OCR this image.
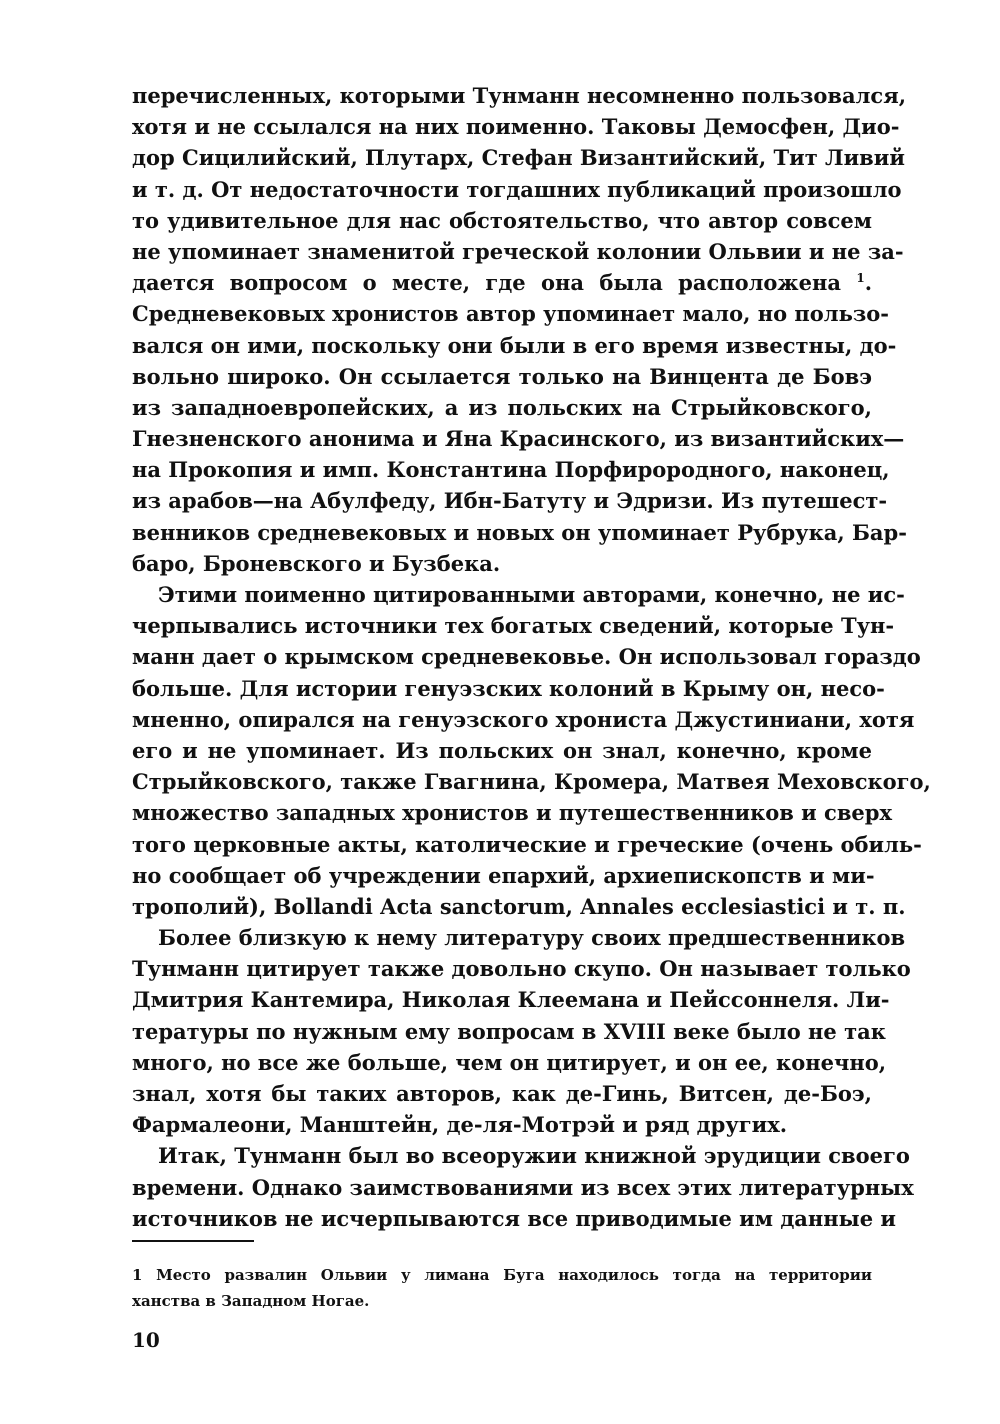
перечисленных, которыми Тунманн несомненно пользовался,
хотя и не ссылался на них поименно. Таковы Демосфен, Дио-
дор Сицилийский, Плутарх, Стефан Византийский, Тит Ливий
и т. д. От недостаточности тогдашних публикаций произошло
то удивительное для нас обстоятельство, что автор совсем
не упоминает знаменитой греческой колонии Ольвии и не за-
дается вопросом о месте, где она была расположена $^1$.
Средневековых хронистов автор упоминает мало, но пользо-
вался он ими, поскольку они были в его время известны, до-
вольно широко. Он ссылается только на Винцента де Бовэ
из западноевропейских, а из польских на Стрыйковского,
Гнезненского анонима и Яна Красинского, из византийских—
на Прокопия и имп. Константина Порфирородного, наконец,
из арабов—на Абулфеду, Ибн-Батуту и Эдризи. Из путешест-
венников средневековых и новых он упоминает Рубрука, Бар-
баро, Броневского и Бузбека.
Этими поименно цитированными авторами, конечно, не ис-
черпывались источники тех богатых сведений, которые Тун-
манн дает о крымском средневековье. Он использовал гораздо
больше. Для истории генуэзских колоний в Крыму он, несо-
мненно, опирался на генуэзского хрониста Джустиниани, хотя
его и не упоминает. Из польских он знал, конечно, кроме
Стрыйковского, также Гвагнина, Кромера, Матвея Меховского,
множество западных хронистов и путешественников и сверх
того церковные акты, католические и греческие (очень обиль-
но сообщает об учреждении епархий, архиепископств и ми-
трополий), Bollandi Acta sanctorum, Annales ecclesiastici и т. п.
Более близкую к нему литературу своих предшественников
Тунманн цитирует также довольно скупо. Он называет только
Дмитрия Кантемира, Николая Клеемана и Пейссоннеля. Ли-
тературы по нужным ему вопросам в XVIII веке было не так
много, но все же больше, чем он цитирует, и он ее, конечно,
знал, хотя бы таких авторов, как де-Гинь, Витсен, де-Боэ,
Фармалеони, Манштейн, де-ля-Мотрэй и ряд других.
Итак, Тунманн был во всеоружии книжной эрудиции своего
времени. Однако заимствованиями из всех этих литературных
источников не исчерпываются все приводимые им данные и
1 Место развалин Ольвии у лимана Буга находилось тогда на территории
ханства в Западном Ногае.
10
